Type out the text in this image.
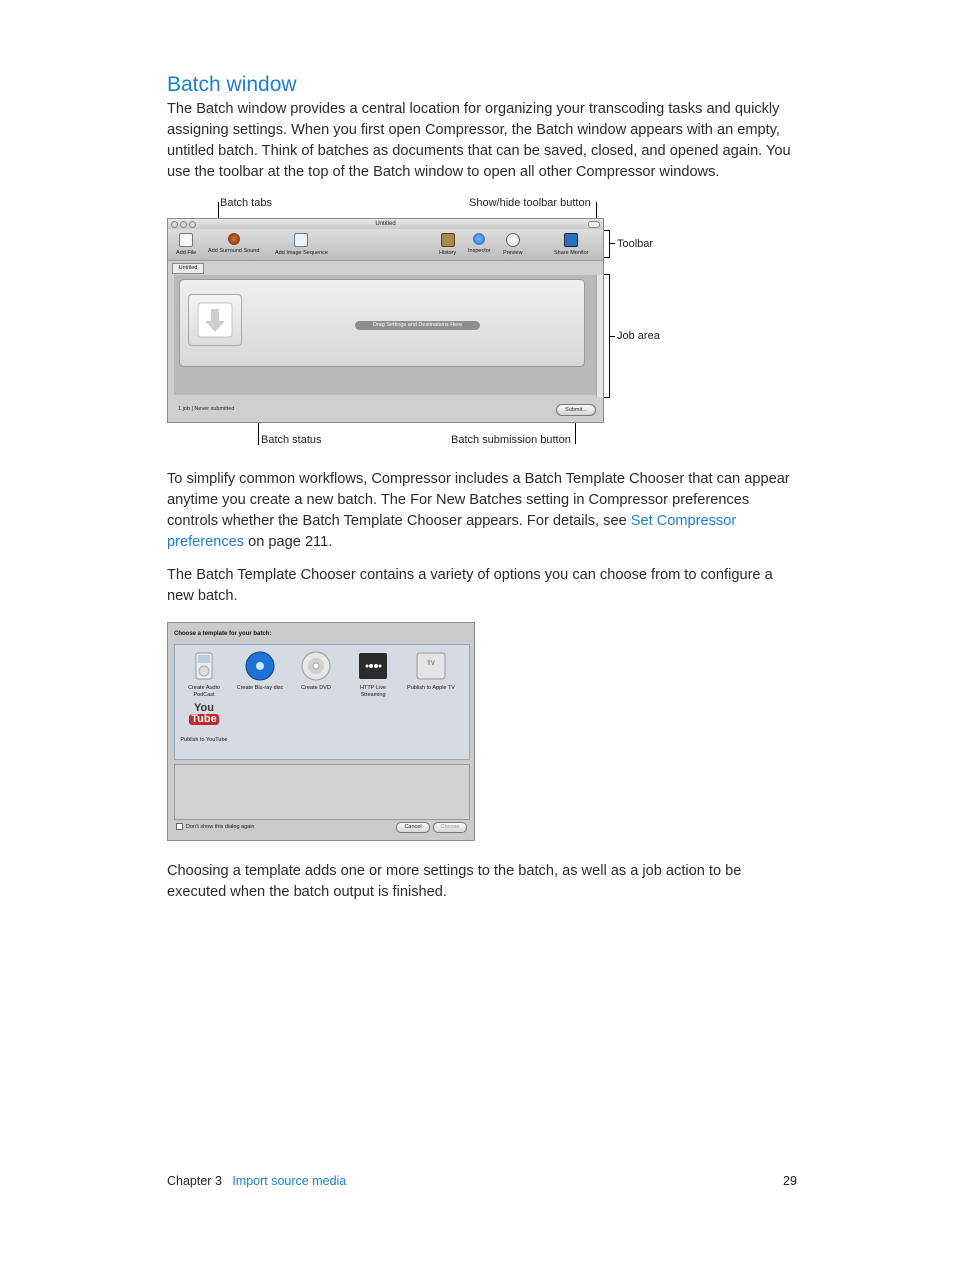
Batch window
The Batch window provides a central location for organizing your transcoding tasks and quickly assigning settings. When you first open Compressor, the Batch window appears with an empty, untitled batch. Think of batches as documents that can be saved, closed, and opened again. You use the toolbar at the top of the Batch window to open all other Compressor windows.
Batch tabs	Show/hide toolbar button
Toolbar
Job area
Batch status	Batch submission button
Untitled
Add File Add Surround Sound	Add Image Sequence	History Inspector Preview	Share Monitor
Untitled
Drag Settings and Destinations Here
1 job | Never submitted	Submit...
To simplify common workflows, Compressor includes a Batch Template Chooser that can appear anytime you create a new batch. The For New Batches setting in Compressor preferences controls whether the Batch Template Chooser appears. For details, see Set Compressor preferences on page 211.
The Batch Template Chooser contains a variety of options you can choose from to configure a new batch.
Choose a template for your batch:
Create Audio PodCast
Create Blu-ray disc	Create DVD	HTTP Live Streaming
TV
Publish to Apple TV
You
Tube
Publish to YouTube
Don’t show this dialog again	Cancel	Choose
Choosing a template adds one or more settings to the batch, as well as a job action to be executed when the batch output is finished.
Chapter 3 Import source media	29
